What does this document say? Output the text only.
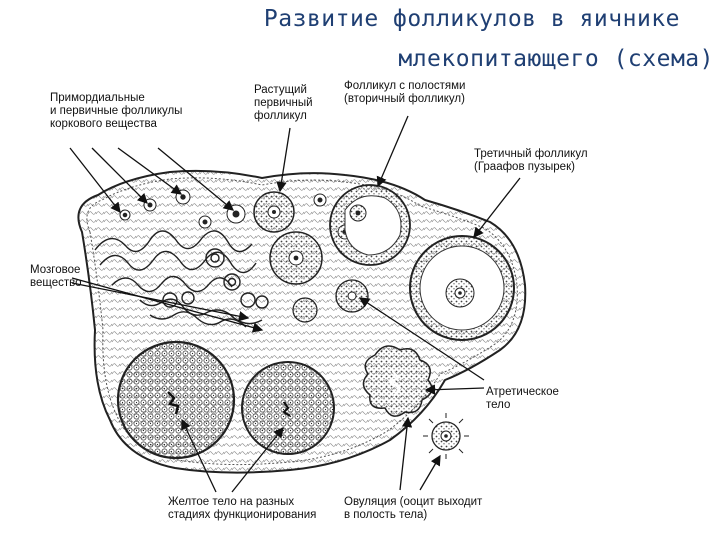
Развитие фолликулов в яичнике
млекопитающего (схема)
Примордиальные
и первичные фолликулы
коркового вещества
Растущий
первичный
фолликул
Фолликул с полостями
(вторичный фолликул)
Третичный фолликул
(Граафов пузырек)
Мозговое
вещество
Атретическое
тело
Желтое тело на разных
стадиях функционирования
Овуляция (ооцит выходит
в полость тела)
